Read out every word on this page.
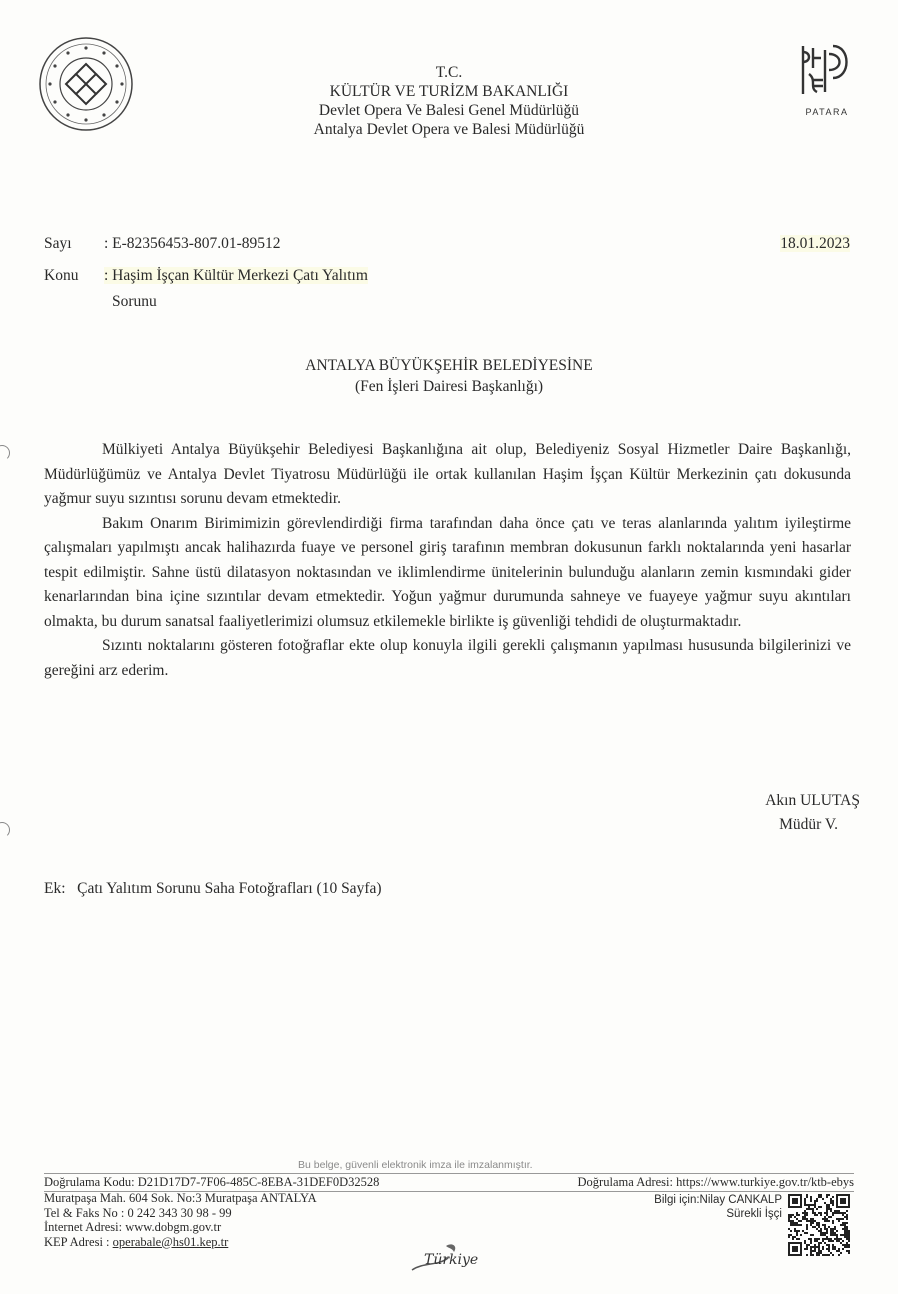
PATARA
T.C.
KÜLTÜR VE TURİZM BAKANLIĞI
Devlet Opera Ve Balesi Genel Müdürlüğü
Antalya Devlet Opera ve Balesi Müdürlüğü
Sayı : E-82356453-807.01-89512
Konu : Haşim İşçan Kültür Merkezi Çatı Yalıtım
Sorunu
18.01.2023
ANTALYA BÜYÜKŞEHİR BELEDİYESİNE
(Fen İşleri Dairesi Başkanlığı)

Mülkiyeti Antalya Büyükşehir Belediyesi Başkanlığına ait olup, Belediyeniz Sosyal Hizmetler Daire Başkanlığı, Müdürlüğümüz ve Antalya Devlet Tiyatrosu Müdürlüğü ile ortak kullanılan Haşim İşçan Kültür Merkezinin çatı dokusunda yağmur suyu sızıntısı sorunu devam etmektedir.

Bakım Onarım Birimimizin görevlendirdiği firma tarafından daha önce çatı ve teras alanlarında yalıtım iyileştirme çalışmaları yapılmıştı ancak halihazırda fuaye ve personel giriş tarafının membran dokusunun farklı noktalarında yeni hasarlar tespit edilmiştir. Sahne üstü dilatasyon noktasından ve iklimlendirme ünitelerinin bulunduğu alanların zemin kısmındaki gider kenarlarından bina içine sızıntılar devam etmektedir. Yoğun yağmur durumunda sahneye ve fuayeye yağmur suyu akıntıları olmakta, bu durum sanatsal faaliyetlerimizi olumsuz etkilemekle birlikte iş güvenliği tehdidi de oluşturmaktadır.

Sızıntı noktalarını gösteren fotoğraflar ekte olup konuyla ilgili gerekli çalışmanın yapılması hususunda bilgilerinizi ve gereğini arz ederim.

Akın ULUTAŞ
Müdür V.
Ek:   Çatı Yalıtım Sorunu Saha Fotoğrafları (10 Sayfa)
Bu belge, güvenli elektronik imza ile imzalanmıştır.
Doğrulama Kodu: D21D17D7-7F06-485C-8EBA-31DEF0D32528	Doğrulama Adresi: https://www.turkiye.gov.tr/ktb-ebys
Muratpaşa Mah. 604 Sok. No:3 Muratpaşa ANTALYA
Tel & Faks No : 0 242 343 30 98 - 99
İnternet Adresi: www.dobgm.gov.tr
KEP Adresi : operabale@hs01.kep.tr
Bilgi için:Nilay CANKALP
Sürekli İşçi
Türkiye
